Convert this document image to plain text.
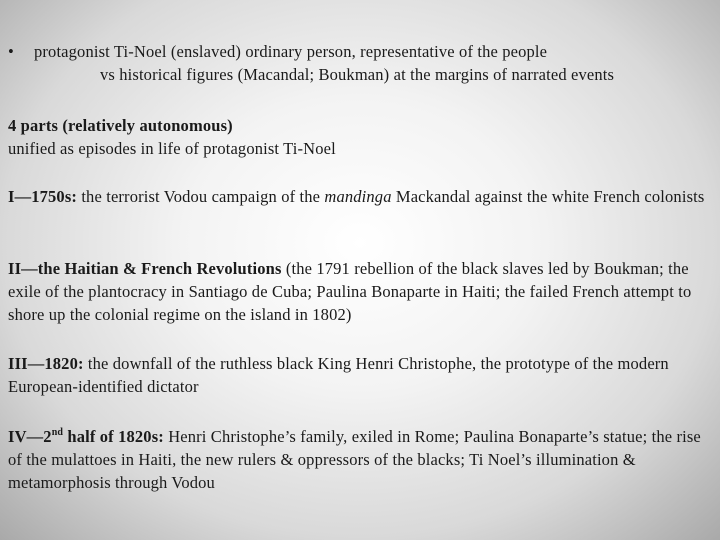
• protagonist Ti-Noel (enslaved) ordinary person, representative of the people
vs historical figures (Macandal; Boukman) at the margins of narrated events
4 parts (relatively autonomous)
unified as episodes in life of protagonist Ti-Noel
I—1750s: the terrorist Vodou campaign of the mandinga Mackandal against the white French colonists
II—the Haitian & French Revolutions (the 1791 rebellion of the black slaves led by Boukman; the exile of the plantocracy in Santiago de Cuba; Paulina Bonaparte in Haiti; the failed French attempt to shore up the colonial regime on the island in 1802)
III—1820: the downfall of the ruthless black King Henri Christophe, the prototype of the modern European-identified dictator
IV—2nd half of 1820s: Henri Christophe’s family, exiled in Rome; Paulina Bonaparte’s statue; the rise of the mulattoes in Haiti, the new rulers & oppressors of the blacks; Ti Noel’s illumination & metamorphosis through Vodou
